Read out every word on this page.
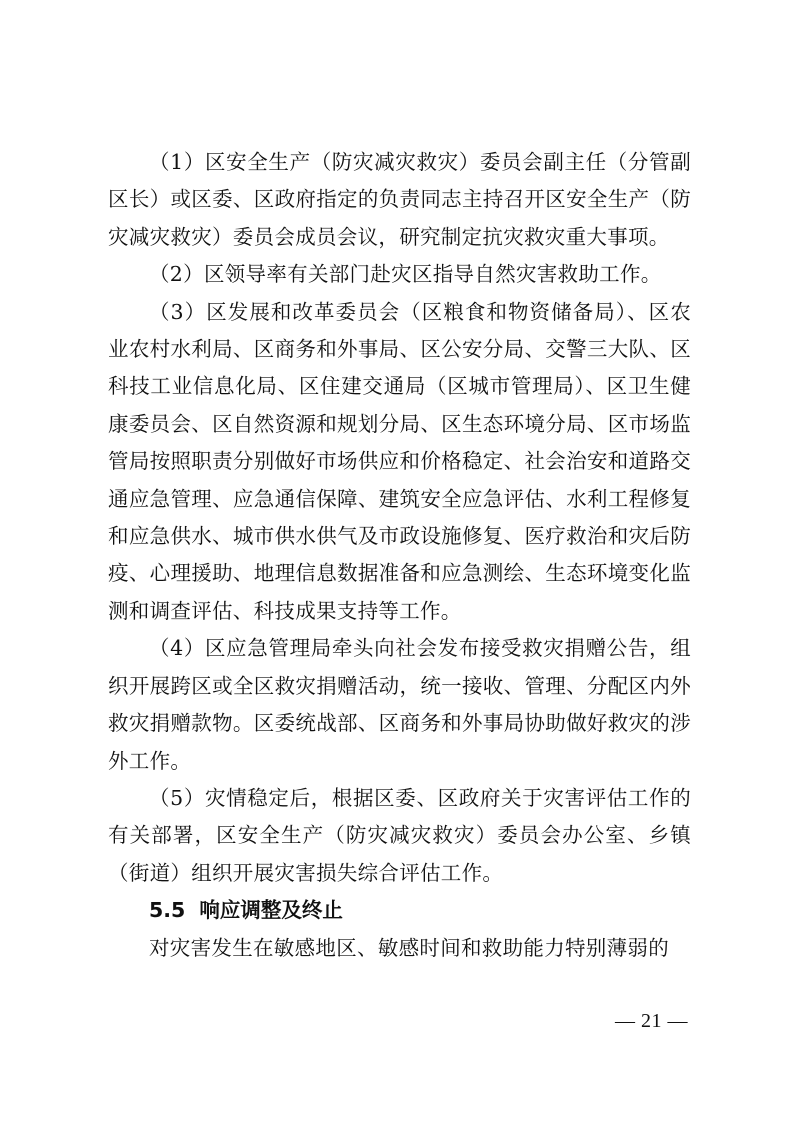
（1）区安全生产（防灾减灾救灾）委员会副主任（分管副区长）或区委、区政府指定的负责同志主持召开区安全生产（防灾减灾救灾）委员会成员会议，研究制定抗灾救灾重大事项。

（2）区领导率有关部门赴灾区指导自然灾害救助工作。

（3）区发展和改革委员会（区粮食和物资储备局）、区农业农村水利局、区商务和外事局、区公安分局、交警三大队、区科技工业信息化局、区住建交通局（区城市管理局）、区卫生健康委员会、区自然资源和规划分局、区生态环境分局、区市场监管局按照职责分别做好市场供应和价格稳定、社会治安和道路交通应急管理、应急通信保障、建筑安全应急评估、水利工程修复和应急供水、城市供水供气及市政设施修复、医疗救治和灾后防疫、心理援助、地理信息数据准备和应急测绘、生态环境变化监测和调查评估、科技成果支持等工作。

（4）区应急管理局牵头向社会发布接受救灾捐赠公告，组织开展跨区或全区救灾捐赠活动，统一接收、管理、分配区内外救灾捐赠款物。区委统战部、区商务和外事局协助做好救灾的涉外工作。

（5）灾情稳定后，根据区委、区政府关于灾害评估工作的有关部署，区安全生产（防灾减灾救灾）委员会办公室、乡镇（街道）组织开展灾害损失综合评估工作。

5.5 响应调整及终止

对灾害发生在敏感地区、敏感时间和救助能力特别薄弱的

— 21 —
